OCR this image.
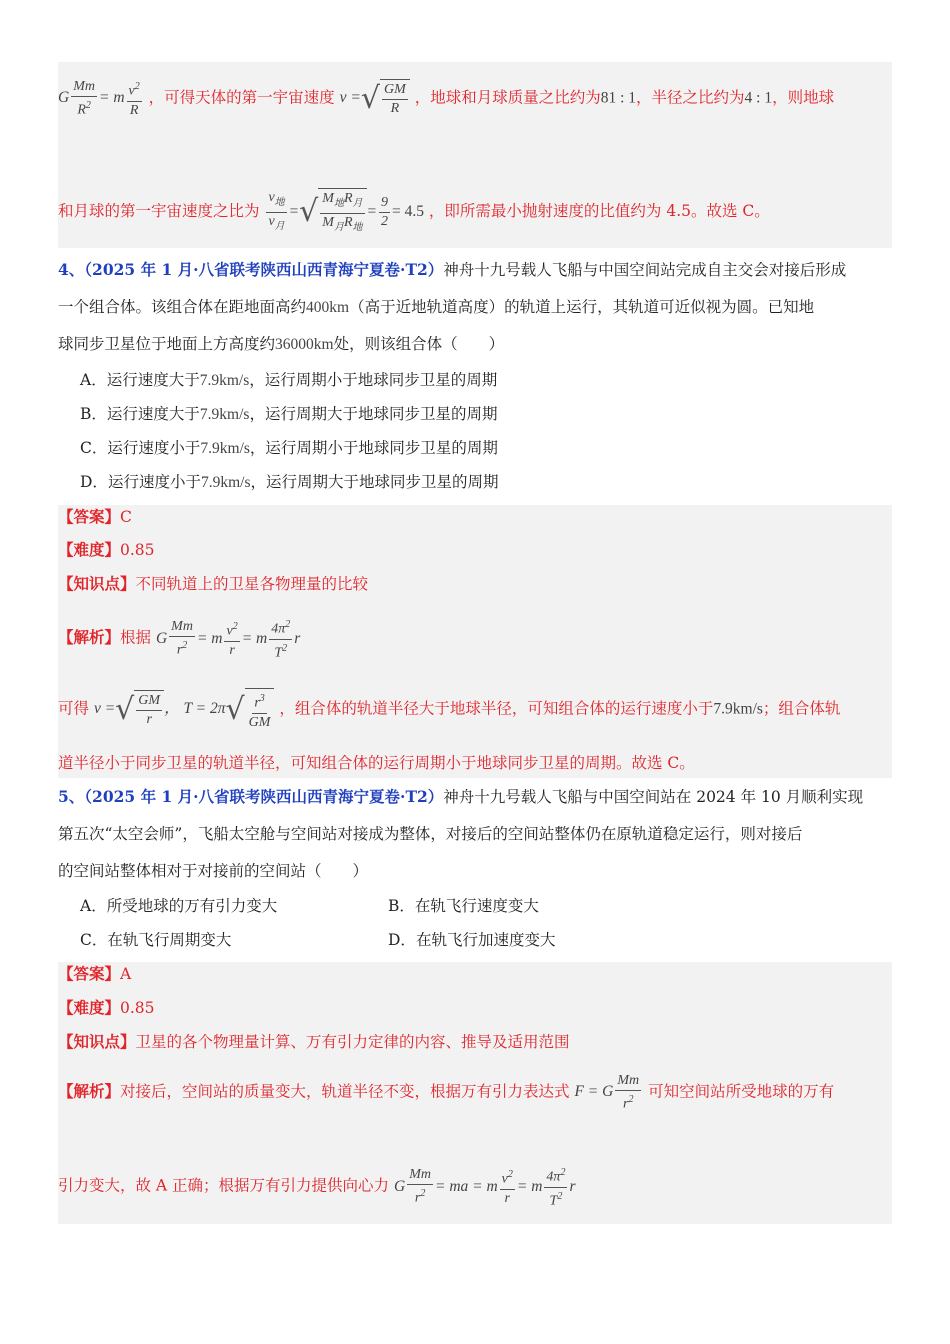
G $\frac{Mm}{R^2} = m \frac{v^2}{R}$ ，可得天体的第一宇宙速度 v = √ $\frac{GM}{R}$ ，地球和月球质量之比约为81 : 1，半径之比约为4 : 1，则地球
和月球的第一宇宙速度之比为 $\frac{v_地}{v_月}$ = √ $\frac{M_地R_月}{M_月R_地} = \frac{9}{2} = 4.5$ ，即所需最小抛射速度的比值约为 4.5。故选 C。
4、（2025 年 1 月·八省联考陕西山西青海宁夏卷·T2）神舟十九号载人飞船与中国空间站完成自主交会对接后形成
一个组合体。该组合体在距地面高约400km（高于近地轨道高度）的轨道上运行，其轨道可近似视为圆。已知地
球同步卫星位于地面上方高度约36000km处，则该组合体（　　）
A．运行速度大于7.9km/s，运行周期小于地球同步卫星的周期
B．运行速度大于7.9km/s，运行周期大于地球同步卫星的周期
C．运行速度小于7.9km/s，运行周期小于地球同步卫星的周期
D．运行速度小于7.9km/s，运行周期大于地球同步卫星的周期
【答案】C
【难度】0.85
【知识点】不同轨道上的卫星各物理量的比较
【解析】根据 G $\frac{Mm}{r^2} = m \frac{v^2}{r} = m \frac{4\pi^2}{T^2}$ r
可得 v = √ $\frac{GM}{r}$ ， T = 2π √ $\frac{r^3}{GM}$ ，组合体的轨道半径大于地球半径，可知组合体的运行速度小于7.9km/s；组合体轨
道半径小于同步卫星的轨道半径，可知组合体的运行周期小于地球同步卫星的周期。故选 C。
5、（2025 年 1 月·八省联考陕西山西青海宁夏卷·T2）神舟十九号载人飞船与中国空间站在 2024 年 10 月顺利实现
第五次“太空会师”，飞船太空舱与空间站对接成为整体，对接后的空间站整体仍在原轨道稳定运行，则对接后
的空间站整体相对于对接前的空间站（　　）
A．所受地球的万有引力变大	B．在轨飞行速度变大
C．在轨飞行周期变大	D．在轨飞行加速度变大
【答案】A
【难度】0.85
【知识点】卫星的各个物理量计算、万有引力定律的内容、推导及适用范围
【解析】对接后，空间站的质量变大，轨道半径不变，根据万有引力表达式 F = G $\frac{Mm}{r^2}$ 可知空间站所受地球的万有
引力变大，故 A 正确；根据万有引力提供向心力 G $\frac{Mm}{r^2}$ = ma = m $\frac{v^2}{r} = m \frac{4\pi^2}{T^2}$ r
